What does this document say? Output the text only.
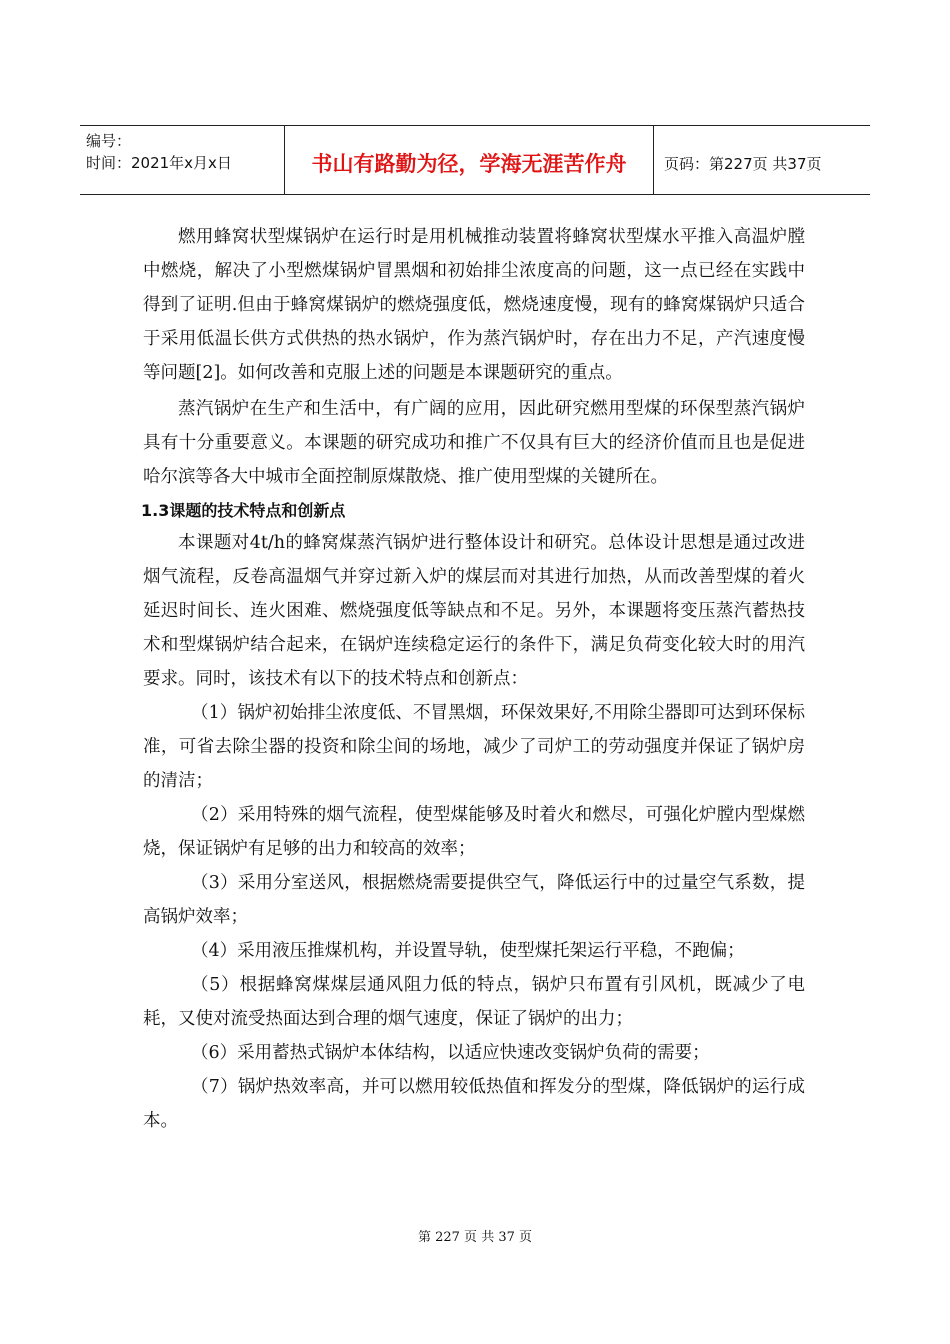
编号：
时间：2021年x月x日	书山有路勤为径，学海无涯苦作舟	页码：第227页 共37页

燃用蜂窝状型煤锅炉在运行时是用机械推动装置将蜂窝状型煤水平推入高温炉膛中燃烧，解决了小型燃煤锅炉冒黑烟和初始排尘浓度高的问题，这一点已经在实践中得到了证明.但由于蜂窝煤锅炉的燃烧强度低，燃烧速度慢，现有的蜂窝煤锅炉只适合于采用低温长供方式供热的热水锅炉，作为蒸汽锅炉时，存在出力不足，产汽速度慢等问题[2]。如何改善和克服上述的问题是本课题研究的重点。

蒸汽锅炉在生产和生活中，有广阔的应用，因此研究燃用型煤的环保型蒸汽锅炉具有十分重要意义。本课题的研究成功和推广不仅具有巨大的经济价值而且也是促进哈尔滨等各大中城市全面控制原煤散烧、推广使用型煤的关键所在。

1.3课题的技术特点和创新点

本课题对4t/h的蜂窝煤蒸汽锅炉进行整体设计和研究。总体设计思想是通过改进烟气流程，反卷高温烟气并穿过新入炉的煤层而对其进行加热，从而改善型煤的着火延迟时间长、连火困难、燃烧强度低等缺点和不足。另外，本课题将变压蒸汽蓄热技术和型煤锅炉结合起来，在锅炉连续稳定运行的条件下，满足负荷变化较大时的用汽要求。同时，该技术有以下的技术特点和创新点：

（1）锅炉初始排尘浓度低、不冒黑烟，环保效果好,不用除尘器即可达到环保标准，可省去除尘器的投资和除尘间的场地，减少了司炉工的劳动强度并保证了锅炉房的清洁；

（2）采用特殊的烟气流程，使型煤能够及时着火和燃尽，可强化炉膛内型煤燃烧，保证锅炉有足够的出力和较高的效率；

（3）采用分室送风，根据燃烧需要提供空气，降低运行中的过量空气系数，提高锅炉效率；

（4）采用液压推煤机构，并设置导轨，使型煤托架运行平稳，不跑偏；

（5）根据蜂窝煤煤层通风阻力低的特点，锅炉只布置有引风机，既减少了电耗，又使对流受热面达到合理的烟气速度，保证了锅炉的出力；

（6）采用蓄热式锅炉本体结构，以适应快速改变锅炉负荷的需要；

（7）锅炉热效率高，并可以燃用较低热值和挥发分的型煤，降低锅炉的运行成本。

第 227 页 共 37 页
